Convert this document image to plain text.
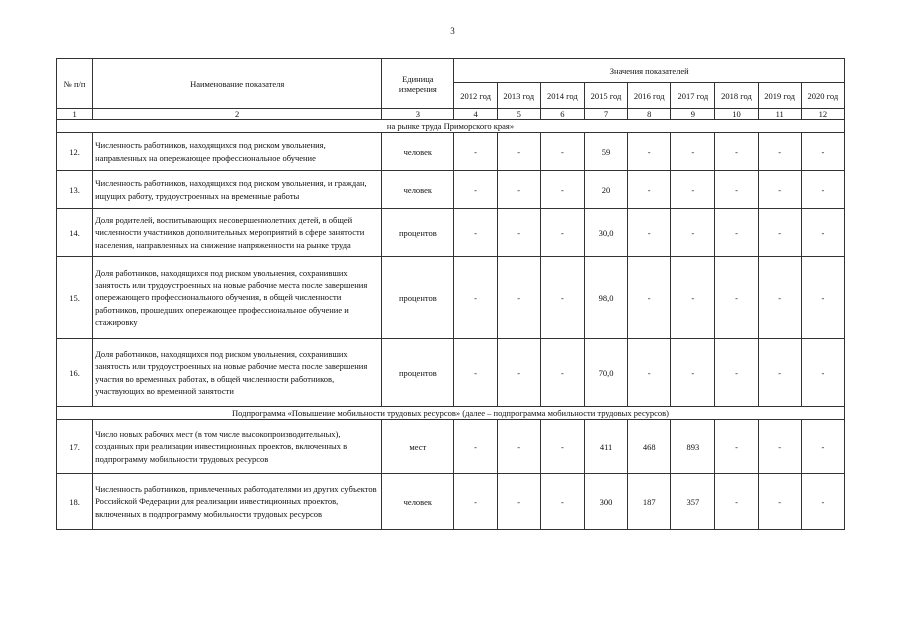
3
№ п/п	Наименование показателя	Единица измерения	Значения показателей								
			2012 год	2013 год	2014 год	2015 год	2016 год	2017 год	2018 год	2019 год	2020 год
1	2	3	4	5	6	7	8	9	10	11	12
на рынке труда Приморского края»											
12.	Численность работников, находящихся под риском увольнения, направленных на опережающее профессиональное обучение	человек	-	-	-	59	-	-	-	-	-
13.	Численность работников, находящихся под риском увольнения, и граждан, ищущих работу, трудоустроенных на временные работы	человек	-	-	-	20	-	-	-	-	-
14.	Доля родителей, воспитывающих несовершеннолетних детей, в общей численности участников дополнительных мероприятий в сфере занятости населения, направленных на снижение напряженности на рынке труда	процентов	-	-	-	30,0	-	-	-	-	-
15.	Доля работников, находящихся под риском увольнения, сохранивших занятость или трудоустроенных на новые рабочие места после завершения опережающего профессионального обучения, в общей численности работников, прошедших опережающее профессиональное обучение и стажировку	процентов	-	-	-	98,0	-	-	-	-	-
16.	Доля работников, находящихся под риском увольнения, сохранивших занятость или трудоустроенных на новые рабочие места после завершения участия во временных работах, в общей численности работников, участвующих во временной занятости	процентов	-	-	-	70,0	-	-	-	-	-
Подпрограмма «Повышение мобильности трудовых ресурсов» (далее – подпрограмма мобильности трудовых ресурсов)											
17.	Число новых рабочих мест (в том числе высокопроизводительных), созданных при реализации инвестиционных проектов, включенных в подпрограмму мобильности трудовых ресурсов	мест	-	-	-	411	468	893	-	-	-
18.	Численность работников, привлеченных работодателями из других субъектов Российской Федерации для реализации инвестиционных проектов, включенных в подпрограмму мобильности трудовых ресурсов	человек	-	-	-	300	187	357	-	-	-
